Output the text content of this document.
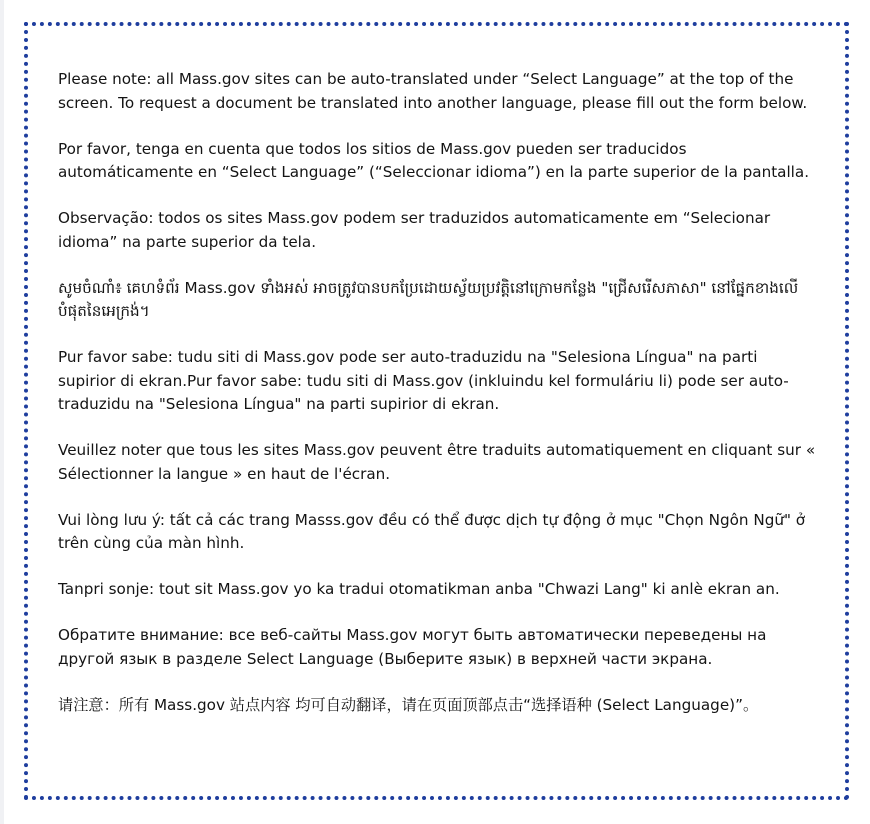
Please note: all Mass.gov sites can be auto-translated under “Select Language” at the top of the screen. To request a document be translated into another language, please fill out the form below.

Por favor, tenga en cuenta que todos los sitios de Mass.gov pueden ser traducidos automáticamente en “Select Language” (“Seleccionar idioma”) en la parte superior de la pantalla.

Observação: todos os sites Mass.gov podem ser traduzidos automaticamente em “Selecionar idioma” na parte superior da tela.

សូមចំណាំ៖ គេហទំព័រ Mass.gov ទាំងអស់ អាចត្រូវបានបកប្រែដោយស្វ័យប្រវត្តិនៅក្រោមកន្លែង "ជ្រើសរើសភាសា" នៅផ្នែកខាងលើបំផុតនៃអេក្រង់។

Pur favor sabe: tudu siti di Mass.gov pode ser auto-traduzidu na "Selesiona Língua" na parti supirior di ekran.Pur favor sabe: tudu siti di Mass.gov (inkluindu kel formuláriu li) pode ser auto-traduzidu na "Selesiona Língua" na parti supirior di ekran.

Veuillez noter que tous les sites Mass.gov peuvent être traduits automatiquement en cliquant sur « Sélectionner la langue » en haut de l'écran.

Vui lòng lưu ý: tất cả các trang Masss.gov đều có thể được dịch tự động ở mục "Chọn Ngôn Ngữ" ở trên cùng của màn hình.

Tanpri sonje: tout sit Mass.gov yo ka tradui otomatikman anba "Chwazi Lang" ki anlè ekran an.

Обратите внимание: все веб-сайты Mass.gov могут быть автоматически переведены на другой язык в разделе Select Language (Выберите язык) в верхней части экрана.

请注意：所有 Mass.gov 站点内容 均可自动翻译，请在页面顶部点击“选择语种 (Select Language)”。
